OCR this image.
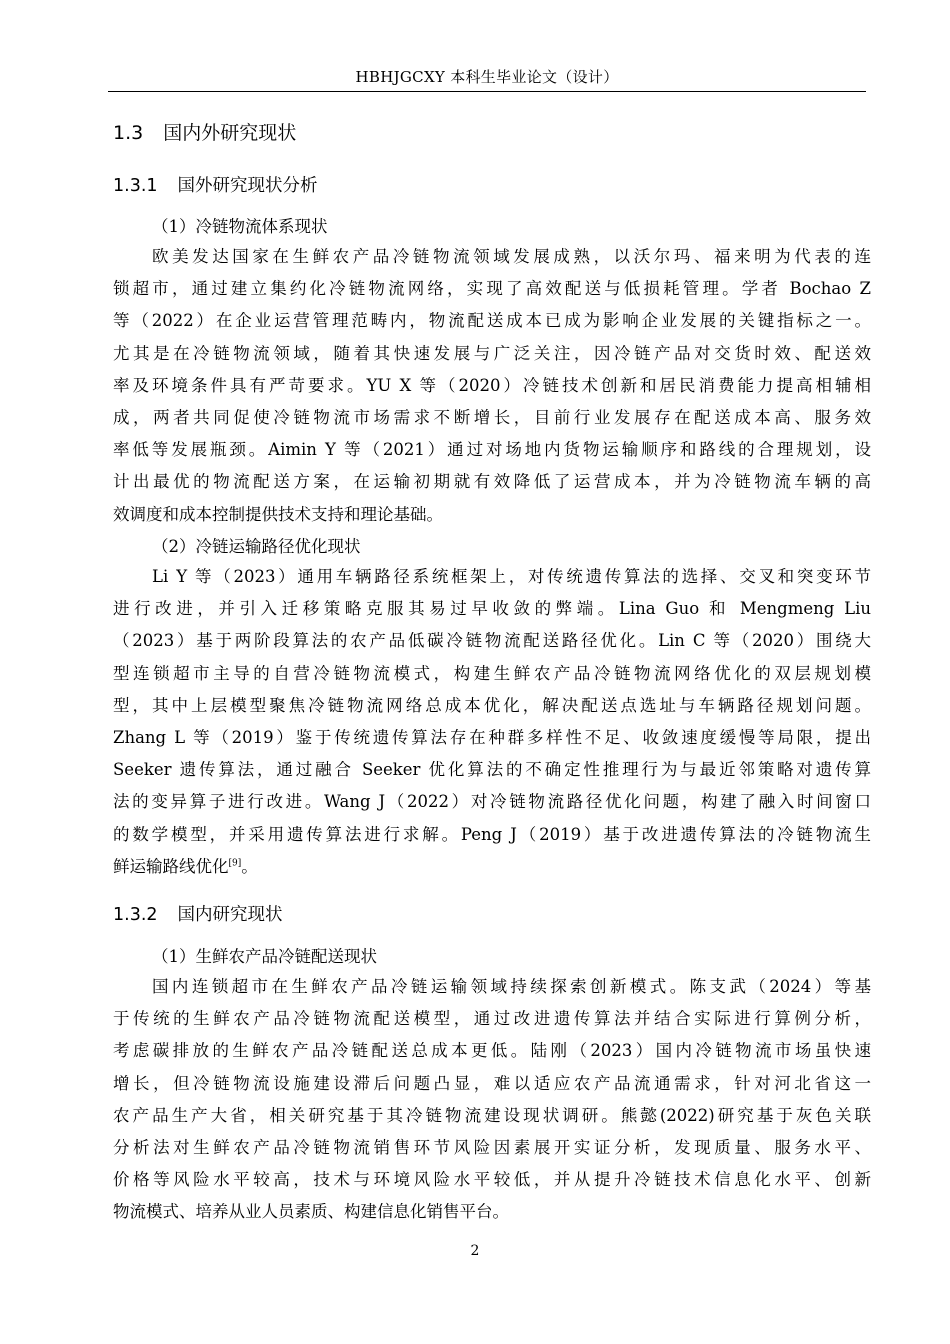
HBHJGCXY 本科生毕业论文（设计）
1.3 国内外研究现状
1.3.1 国外研究现状分析
（1）冷链物流体系现状
欧美发达国家在生鲜农产品冷链物流领域发展成熟，以沃尔玛、福来明为代表的连
锁超市，通过建立集约化冷链物流网络，实现了高效配送与低损耗管理。学者 Bochao Z
等（2022）在企业运营管理范畴内，物流配送成本已成为影响企业发展的关键指标之一。
尤其是在冷链物流领域，随着其快速发展与广泛关注，因冷链产品对交货时效、配送效
率及环境条件具有严苛要求。YU X 等（2020）冷链技术创新和居民消费能力提高相辅相
成，两者共同促使冷链物流市场需求不断增长，目前行业发展存在配送成本高、服务效
率低等发展瓶颈。Aimin Y 等（2021）通过对场地内货物运输顺序和路线的合理规划，设
计出最优的物流配送方案，在运输初期就有效降低了运营成本，并为冷链物流车辆的高
效调度和成本控制提供技术支持和理论基础。
（2）冷链运输路径优化现状
Li Y 等（2023）通用车辆路径系统框架上，对传统遗传算法的选择、交叉和突变环节
进行改进，并引入迁移策略克服其易过早收敛的弊端。Lina Guo 和 Mengmeng Liu
（2023）基于两阶段算法的农产品低碳冷链物流配送路径优化。Lin C 等（2020）围绕大
型连锁超市主导的自营冷链物流模式，构建生鲜农产品冷链物流网络优化的双层规划模
型，其中上层模型聚焦冷链物流网络总成本优化，解决配送点选址与车辆路径规划问题。
Zhang L 等（2019）鉴于传统遗传算法存在种群多样性不足、收敛速度缓慢等局限，提出
Seeker 遗传算法，通过融合 Seeker 优化算法的不确定性推理行为与最近邻策略对遗传算
法的变异算子进行改进。Wang J（2022）对冷链物流路径优化问题，构建了融入时间窗口
的数学模型，并采用遗传算法进行求解。Peng J（2019）基于改进遗传算法的冷链物流生
鲜运输路线优化[9]。
1.3.2 国内研究现状
（1）生鲜农产品冷链配送现状
国内连锁超市在生鲜农产品冷链运输领域持续探索创新模式。陈支武（2024）等基
于传统的生鲜农产品冷链物流配送模型，通过改进遗传算法并结合实际进行算例分析，
考虑碳排放的生鲜农产品冷链配送总成本更低。陆刚（2023）国内冷链物流市场虽快速
增长，但冷链物流设施建设滞后问题凸显，难以适应农产品流通需求，针对河北省这一
农产品生产大省，相关研究基于其冷链物流建设现状调研。熊懿(2022)研究基于灰色关联
分析法对生鲜农产品冷链物流销售环节风险因素展开实证分析，发现质量、服务水平、
价格等风险水平较高，技术与环境风险水平较低，并从提升冷链技术信息化水平、创新
物流模式、培养从业人员素质、构建信息化销售平台。
2
